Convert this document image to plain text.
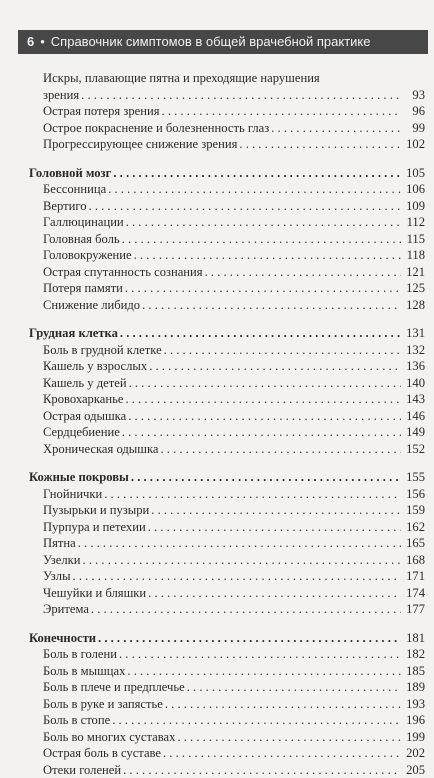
6 • Справочник симптомов в общей врачебной практике
Искры, плавающие пятна и преходящие нарушения
зрения . . .	93
Острая потеря зрения . . .	96
Острое покраснение и болезненность глаз . . .	99
Прогрессирующее снижение зрения . . .	102
Головной мозг . . .	105
Бессонница . . .	106
Вертиго . . .	109
Галлюцинации . . .	112
Головная боль . . .	115
Головокружение . . .	118
Острая спутанность сознания . . .	121
Потеря памяти . . .	125
Снижение либидо . . .	128
Грудная клетка . . .	131
Боль в грудной клетке . . .	132
Кашель у взрослых . . .	136
Кашель у детей . . .	140
Кровохарканье . . .	143
Острая одышка . . .	146
Сердцебиение . . .	149
Хроническая одышка . . .	152
Кожные покровы . . .	155
Гнойнички . . .	156
Пузырьки и пузыри . . .	159
Пурпура и петехии . . .	162
Пятна . . .	165
Узелки . . .	168
Узлы . . .	171
Чешуйки и бляшки . . .	174
Эритема . . .	177
Конечности . . .	181
Боль в голени . . .	182
Боль в мышцах . . .	185
Боль в плече и предплечье . . .	189
Боль в руке и запястье . . .	193
Боль в стопе . . .	196
Боль во многих суставах . . .	199
Острая боль в суставе . . .	202
Отеки голеней . . .	205
